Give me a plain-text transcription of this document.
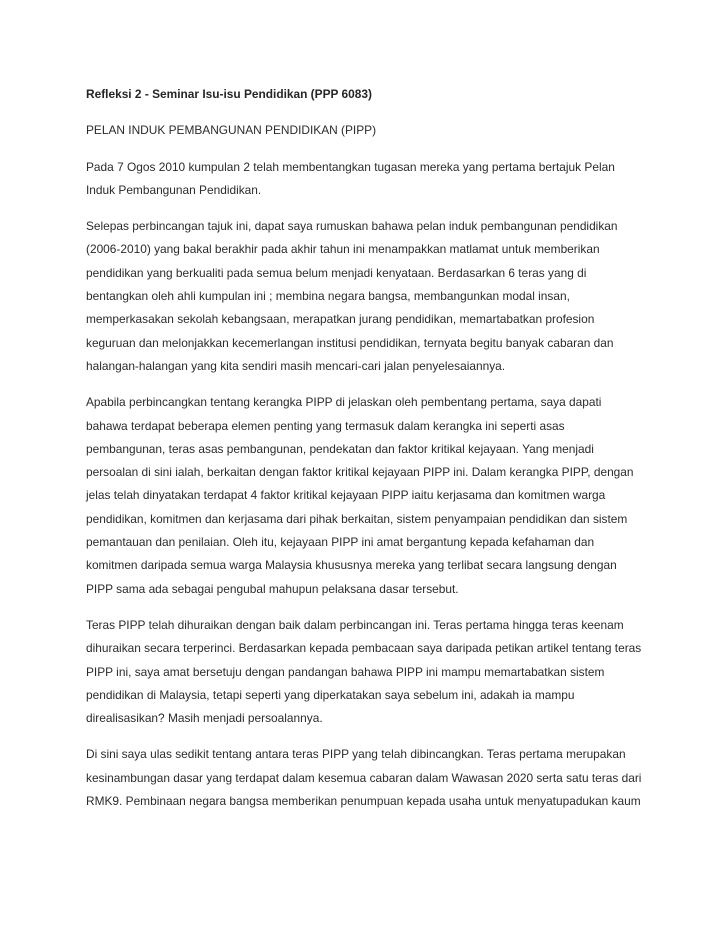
Refleksi 2 - Seminar Isu-isu Pendidikan (PPP 6083)
PELAN INDUK PEMBANGUNAN PENDIDIKAN (PIPP)
Pada 7 Ogos 2010 kumpulan 2 telah membentangkan tugasan mereka yang pertama bertajuk Pelan
Induk Pembangunan Pendidikan.
Selepas perbincangan tajuk ini, dapat saya rumuskan bahawa pelan induk pembangunan pendidikan
(2006-2010) yang bakal berakhir pada akhir tahun ini menampakkan matlamat untuk memberikan
pendidikan yang berkualiti pada semua belum menjadi kenyataan. Berdasarkan 6 teras yang di
bentangkan oleh ahli kumpulan ini ; membina negara bangsa, membangunkan modal insan,
memperkasakan sekolah kebangsaan, merapatkan jurang pendidikan, memartabatkan profesion
keguruan dan melonjakkan kecemerlangan institusi pendidikan, ternyata begitu banyak cabaran dan
halangan-halangan yang kita sendiri masih mencari-cari jalan penyelesaiannya.
Apabila perbincangkan tentang kerangka PIPP di jelaskan oleh pembentang pertama, saya dapati
bahawa terdapat beberapa elemen penting yang termasuk dalam kerangka ini seperti asas
pembangunan, teras asas pembangunan, pendekatan dan faktor kritikal kejayaan. Yang menjadi
persoalan di sini ialah, berkaitan dengan faktor kritikal kejayaan PIPP ini. Dalam kerangka PIPP, dengan
jelas telah dinyatakan terdapat 4 faktor kritikal kejayaan PIPP iaitu kerjasama dan komitmen warga
pendidikan, komitmen dan kerjasama dari pihak berkaitan, sistem penyampaian pendidikan dan sistem
pemantauan dan penilaian. Oleh itu, kejayaan PIPP ini amat bergantung kepada kefahaman dan
komitmen daripada semua warga Malaysia khususnya mereka yang terlibat secara langsung dengan
PIPP sama ada sebagai pengubal mahupun pelaksana dasar tersebut.
Teras PIPP telah dihuraikan dengan baik dalam perbincangan ini. Teras pertama hingga teras keenam
dihuraikan secara terperinci. Berdasarkan kepada pembacaan saya daripada petikan artikel tentang teras
PIPP ini, saya amat bersetuju dengan pandangan bahawa PIPP ini mampu memartabatkan sistem
pendidikan di Malaysia, tetapi seperti yang diperkatakan saya sebelum ini, adakah ia mampu
direalisasikan? Masih menjadi persoalannya.
Di sini saya ulas sedikit tentang antara teras PIPP yang telah dibincangkan. Teras pertama merupakan
kesinambungan dasar yang terdapat dalam kesemua cabaran dalam Wawasan 2020 serta satu teras dari
RMK9. Pembinaan negara bangsa memberikan penumpuan kepada usaha untuk menyatupadukan kaum
